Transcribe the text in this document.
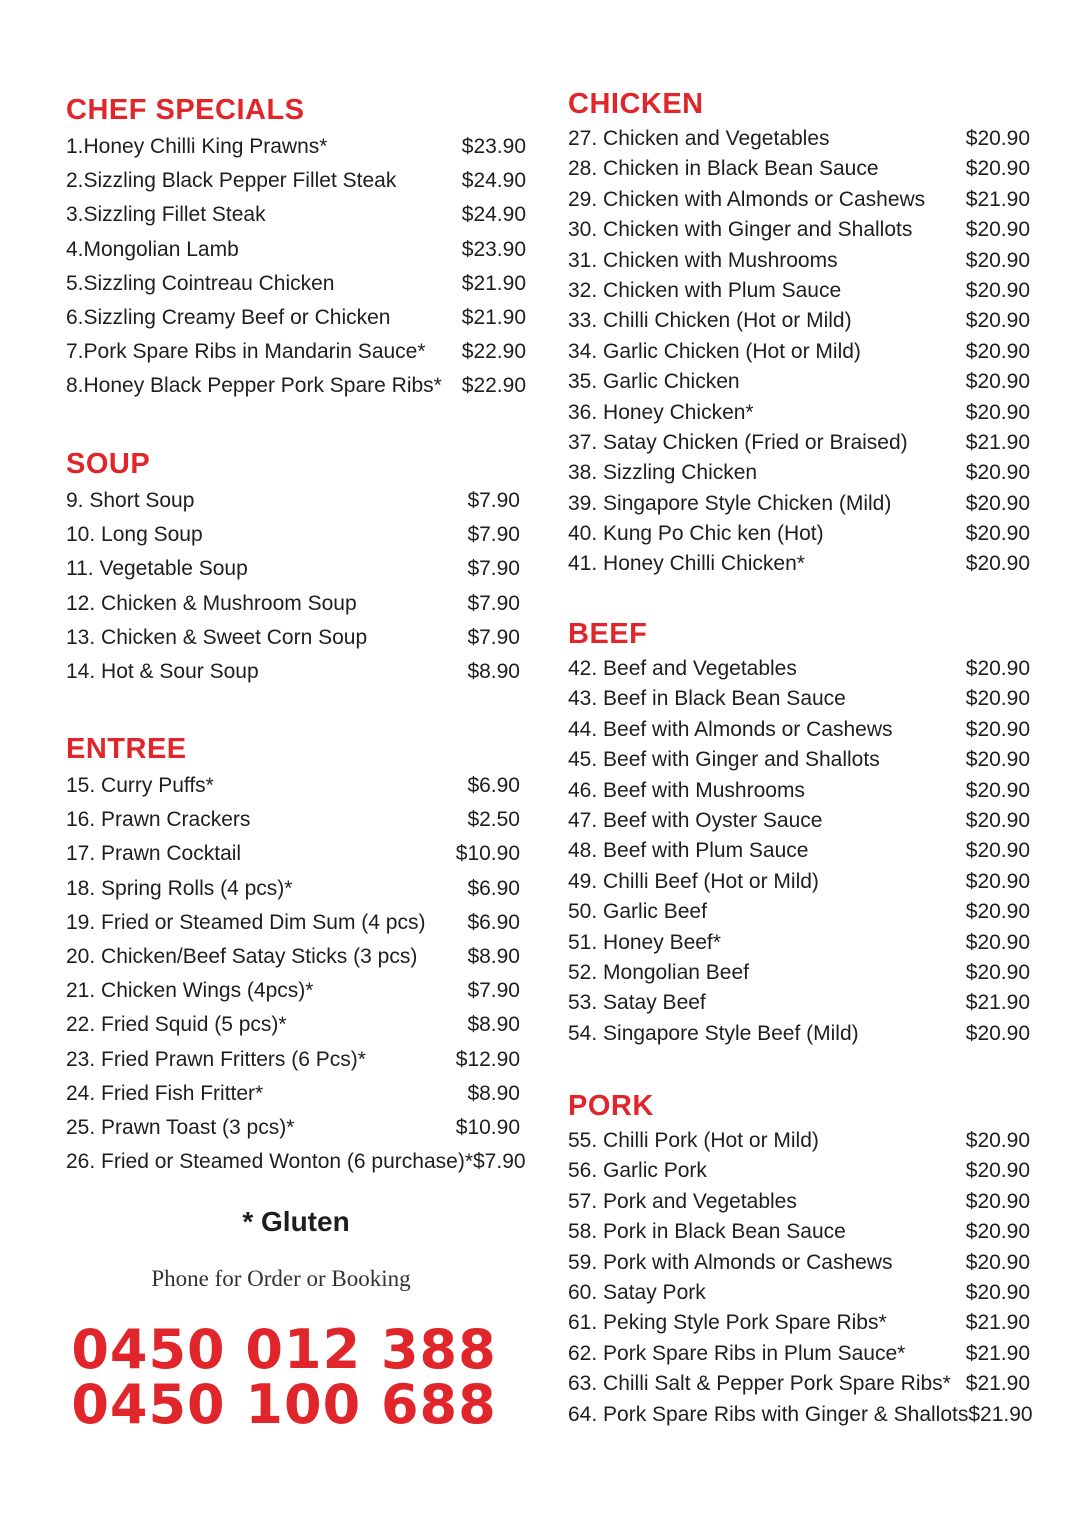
CHEF SPECIALS
1.Honey Chilli King Prawns*	$23.90
2.Sizzling Black Pepper Fillet Steak	$24.90
3.Sizzling Fillet Steak	$24.90
4.Mongolian Lamb	$23.90
5.Sizzling Cointreau Chicken	$21.90
6.Sizzling Creamy Beef or Chicken	$21.90
7.Pork Spare Ribs in Mandarin Sauce* $22.90
8.Honey Black Pepper Pork Spare Ribs* $22.90
SOUP
9. Short Soup	$7.90
10. Long Soup	$7.90
11. Vegetable Soup	$7.90
12. Chicken & Mushroom Soup	$7.90
13. Chicken & Sweet Corn Soup	$7.90
14. Hot & Sour Soup	$8.90
ENTREE
15. Curry Puffs*	$6.90
16. Prawn Crackers	$2.50
17. Prawn Cocktail	$10.90
18. Spring Rolls (4 pcs)*	$6.90
19. Fried or Steamed Dim Sum (4 pcs) $6.90
20. Chicken/Beef Satay Sticks (3 pcs) $8.90
21. Chicken Wings (4pcs)*	$7.90
22. Fried Squid (5 pcs)*	$8.90
23. Fried Prawn Fritters (6 Pcs)*	$12.90
24. Fried Fish Fritter*	$8.90
25. Prawn Toast (3 pcs)*	$10.90
26. Fried or Steamed Wonton (6 purchase)* $7.90
CHICKEN
27. Chicken and Vegetables	$20.90
28. Chicken in Black Bean Sauce	$20.90
29. Chicken with Almonds or Cashews $21.90
30. Chicken with Ginger and Shallots	$20.90
31. Chicken with Mushrooms	$20.90
32. Chicken with Plum Sauce	$20.90
33. Chilli Chicken (Hot or Mild)	$20.90
34. Garlic Chicken (Hot or Mild)	$20.90
35. Garlic Chicken	$20.90
36. Honey Chicken*	$20.90
37. Satay Chicken (Fried or Braised)	$21.90
38. Sizzling Chicken	$20.90
39. Singapore Style Chicken (Mild)	$20.90
40. Kung Po Chic ken (Hot)	$20.90
41. Honey Chilli Chicken*	$20.90
BEEF
42. Beef and Vegetables	$20.90
43. Beef in Black Bean Sauce	$20.90
44. Beef with Almonds or Cashews	$20.90
45. Beef with Ginger and Shallots	$20.90
46. Beef with Mushrooms	$20.90
47. Beef with Oyster Sauce	$20.90
48. Beef with Plum Sauce	$20.90
49. Chilli Beef (Hot or Mild)	$20.90
50. Garlic Beef	$20.90
51. Honey Beef*	$20.90
52. Mongolian Beef	$20.90
53. Satay Beef	$21.90
54. Singapore Style Beef (Mild)	$20.90
PORK
55. Chilli Pork (Hot or Mild)	$20.90
56. Garlic Pork	$20.90
57. Pork and Vegetables	$20.90
58. Pork in Black Bean Sauce	$20.90
59. Pork with Almonds or Cashews	$20.90
60. Satay Pork	$20.90
61. Peking Style Pork Spare Ribs*	$21.90
62. Pork Spare Ribs in Plum Sauce*	$21.90
63. Chilli Salt & Pepper Pork Spare Ribs* $21.90
64. Pork Spare Ribs with Ginger & Shallots $21.90
* Gluten
Phone for Order or Booking
0450 012 388
0450 100 688
